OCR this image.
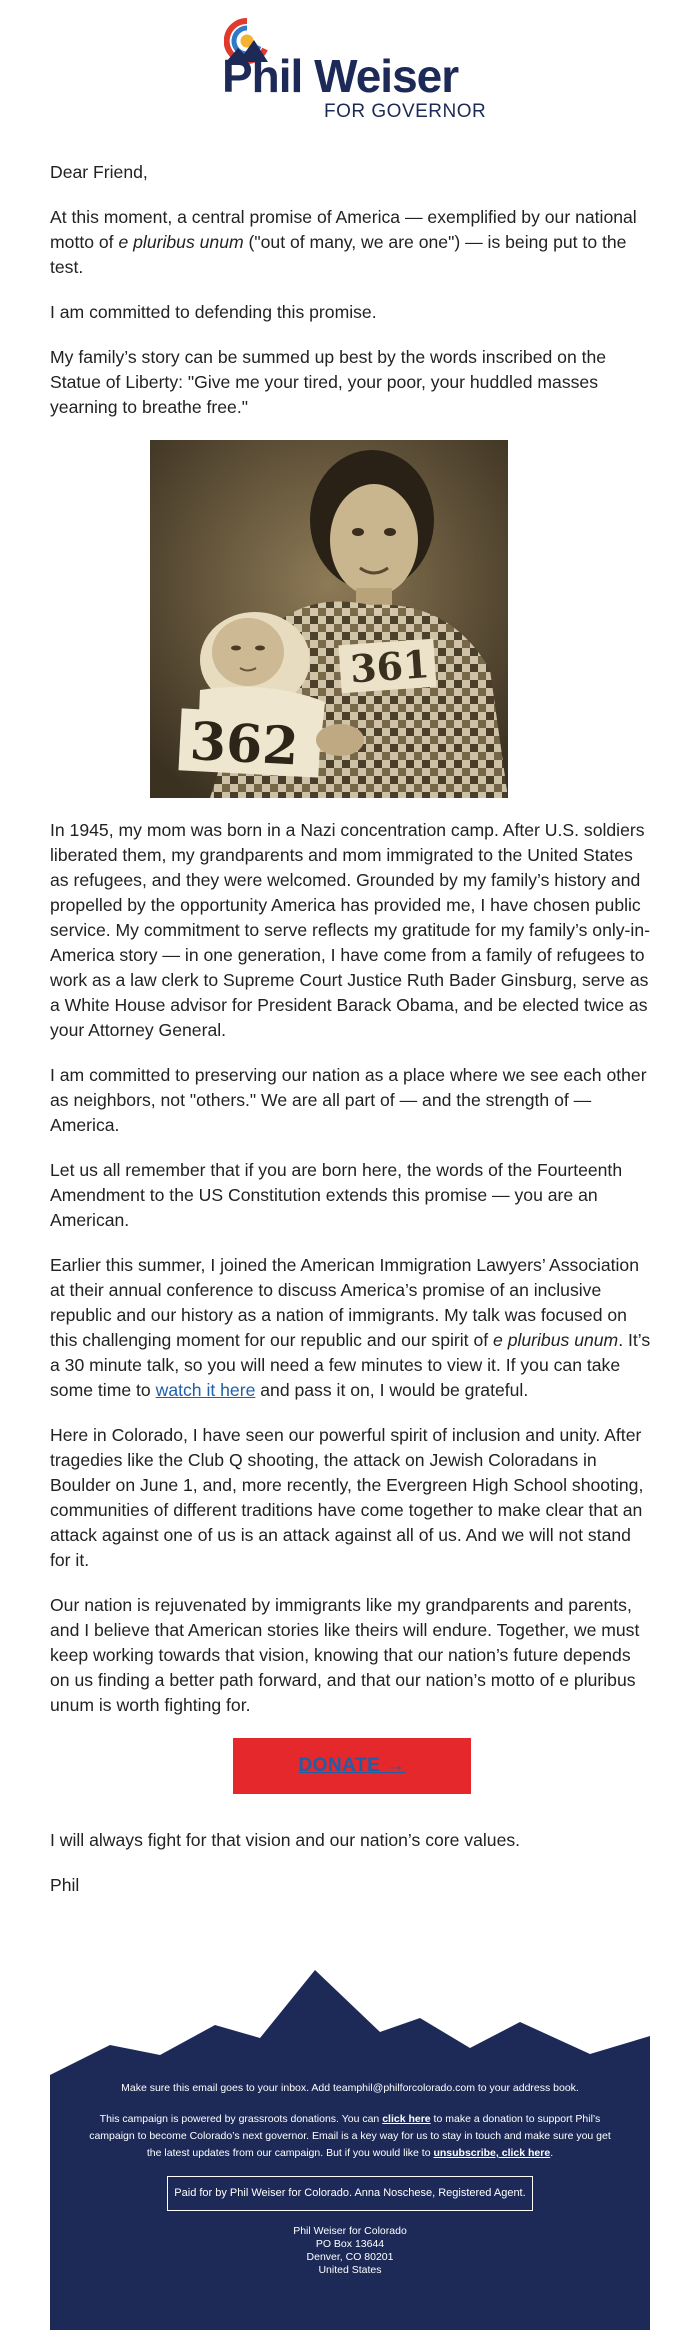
Phil Weiser
FOR GOVERNOR

Dear Friend,

At this moment, a central promise of America — exemplified by our national motto of e pluribus unum ("out of many, we are one") — is being put to the test.

I am committed to defending this promise.

My family’s story can be summed up best by the words inscribed on the Statue of Liberty: "Give me your tired, your poor, your huddled masses yearning to breathe free."

361
362

In 1945, my mom was born in a Nazi concentration camp. After U.S. soldiers liberated them, my grandparents and mom immigrated to the United States as refugees, and they were welcomed. Grounded by my family’s history and propelled by the opportunity America has provided me, I have chosen public service. My commitment to serve reflects my gratitude for my family’s only-in-America story — in one generation, I have come from a family of refugees to work as a law clerk to Supreme Court Justice Ruth Bader Ginsburg, serve as a White House advisor for President Barack Obama, and be elected twice as your Attorney General.

I am committed to preserving our nation as a place where we see each other as neighbors, not "others." We are all part of — and the strength of — America.

Let us all remember that if you are born here, the words of the Fourteenth Amendment to the US Constitution extends this promise — you are an American.

Earlier this summer, I joined the American Immigration Lawyers’ Association at their annual conference to discuss America’s promise of an inclusive republic and our history as a nation of immigrants. My talk was focused on this challenging moment for our republic and our spirit of e pluribus unum. It’s a 30 minute talk, so you will need a few minutes to view it. If you can take some time to watch it here and pass it on, I would be grateful.

Here in Colorado, I have seen our powerful spirit of inclusion and unity. After tragedies like the Club Q shooting, the attack on Jewish Coloradans in Boulder on June 1, and, more recently, the Evergreen High School shooting, communities of different traditions have come together to make clear that an attack against one of us is an attack against all of us. And we will not stand for it.

Our nation is rejuvenated by immigrants like my grandparents and parents, and I believe that American stories like theirs will endure. Together, we must keep working towards that vision, knowing that our nation’s future depends on us finding a better path forward, and that our nation’s motto of e pluribus unum is worth fighting for.

DONATE →

I will always fight for that vision and our nation’s core values.

Phil

Make sure this email goes to your inbox. Add teamphil@philforcolorado.com to your address book.

This campaign is powered by grassroots donations. You can click here to make a donation to support Phil’s campaign to become Colorado’s next governor. Email is a key way for us to stay in touch and make sure you get the latest updates from our campaign. But if you would like to unsubscribe, click here.

Paid for by Phil Weiser for Colorado. Anna Noschese, Registered Agent.
Phil Weiser for Colorado
PO Box 13644
Denver, CO 80201
United States
